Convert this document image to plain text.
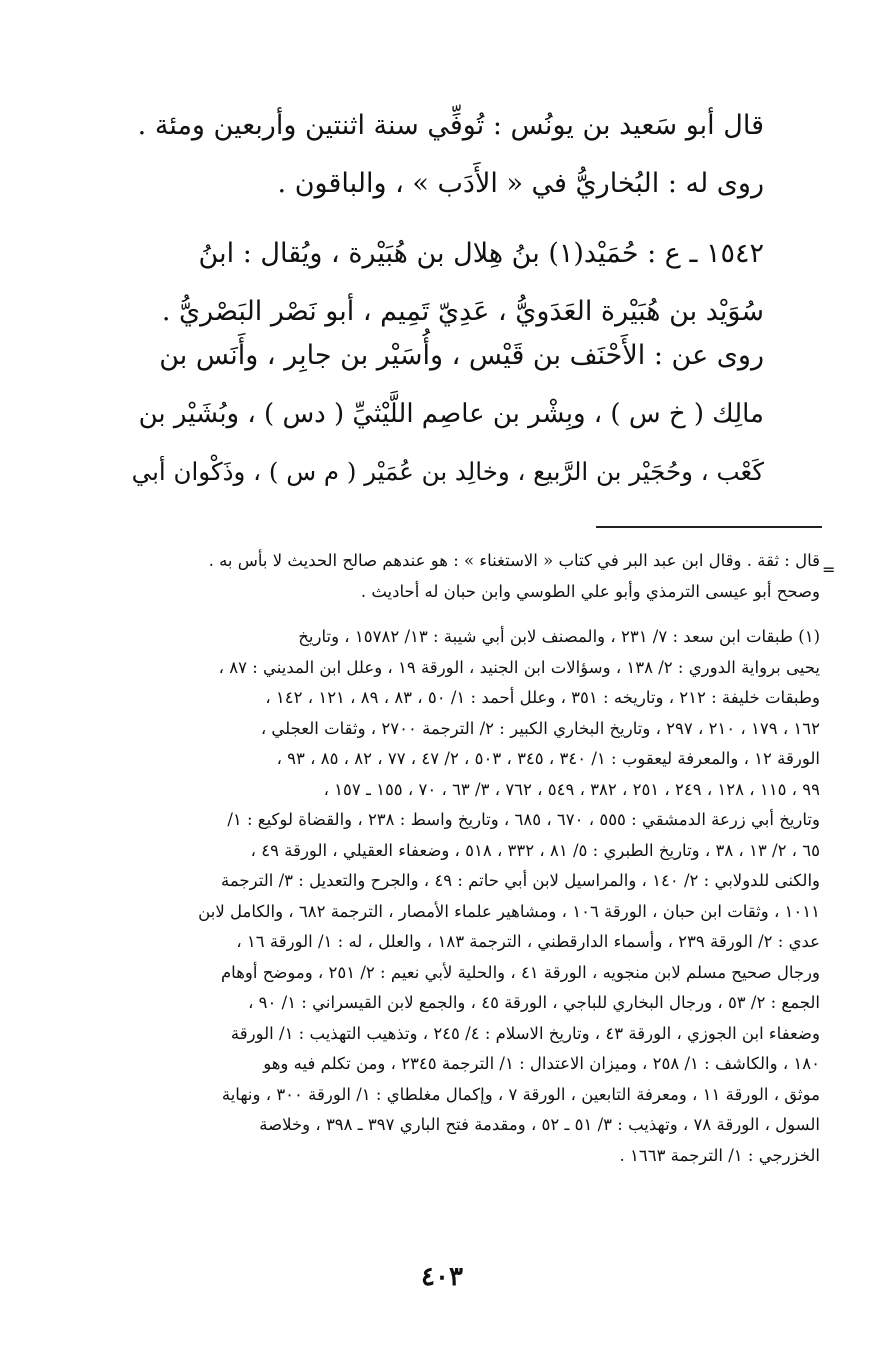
قال أبو سَعيد بن يونُس : تُوفِّي سنة اثنتين وأربعين ومئة .
روى له : البُخاريُّ في « الأَدَب » ، والباقون .
١٥٤٢ ـ ع : حُمَيْد(١) بنُ هِلال بن هُبَيْرة ، ويُقال : ابنُ
سُوَيْد بن هُبَيْرة العَدَويُّ ، عَدِيّ تَمِيم ، أبو نَصْر البَصْريُّ .
روى عن : الأَحْنَف بن قَيْس ، وأُسَيْر بن جابِر ، وأَنَس بن
مالِك ( خ س ) ، وبِشْر بن عاصِم اللَّيْثيِّ ( دس ) ، وبُشَيْر بن
كَعْب ، وحُجَيْر بن الرَّبيع ، وخالِد بن عُمَيْر ( م س ) ، وذَكْوان أبي
=
قال : ثقة . وقال ابن عبد البر في كتاب « الاستغناء » : هو عندهم صالح الحديث لا بأس به .
وصحح أبو عيسى الترمذي وأبو علي الطوسي وابن حبان له أحاديث .
(١) طبقات ابن سعد : ٧/ ٢٣١ ، والمصنف لابن أبي شيبة : ١٣/ ١٥٧٨٢ ، وتاريخ
يحيى برواية الدوري : ٢/ ١٣٨ ، وسؤالات ابن الجنيد ، الورقة ١٩ ، وعلل ابن المديني : ٨٧ ،
وطبقات خليفة : ٢١٢ ، وتاريخه : ٣٥١ ، وعلل أحمد : ١/ ٥٠ ، ٨٣ ، ٨٩ ، ١٢١ ، ١٤٢ ،
١٦٢ ، ١٧٩ ، ٢١٠ ، ٢٩٧ ، وتاريخ البخاري الكبير : ٢/ الترجمة ٢٧٠٠ ، وثقات العجلي ،
الورقة ١٢ ، والمعرفة ليعقوب : ١/ ٣٤٠ ، ٣٤٥ ، ٥٠٣ ، ٢/ ٤٧ ، ٧٧ ، ٨٢ ، ٨٥ ، ٩٣ ،
٩٩ ، ١١٥ ، ١٢٨ ، ٢٤٩ ، ٢٥١ ، ٣٨٢ ، ٥٤٩ ، ٧٦٢ ، ٣/ ٦٣ ، ٧٠ ، ١٥٥ ـ ١٥٧ ،
وتاريخ أبي زرعة الدمشقي : ٥٥٥ ، ٦٧٠ ، ٦٨٥ ، وتاريخ واسط : ٢٣٨ ، والقضاة لوكيع : ١/
٦٥ ، ٢/ ١٣ ، ٣٨ ، وتاريخ الطبري : ٥/ ٨١ ، ٣٣٢ ، ٥١٨ ، وضعفاء العقيلي ، الورقة ٤٩ ،
والكنى للدولابي : ٢/ ١٤٠ ، والمراسيل لابن أبي حاتم : ٤٩ ، والجرح والتعديل : ٣/ الترجمة
١٠١١ ، وثقات ابن حبان ، الورقة ١٠٦ ، ومشاهير علماء الأمصار ، الترجمة ٦٨٢ ، والكامل لابن
عدي : ٢/ الورقة ٢٣٩ ، وأسماء الدارقطني ، الترجمة ١٨٣ ، والعلل ، له : ١/ الورقة ١٦ ،
ورجال صحيح مسلم لابن منجويه ، الورقة ٤١ ، والحلية لأبي نعيم : ٢/ ٢٥١ ، وموضح أوهام
الجمع : ٢/ ٥٣ ، ورجال البخاري للباجي ، الورقة ٤٥ ، والجمع لابن القيسراني : ١/ ٩٠ ،
وضعفاء ابن الجوزي ، الورقة ٤٣ ، وتاريخ الاسلام : ٤/ ٢٤٥ ، وتذهيب التهذيب : ١/ الورقة
١٨٠ ، والكاشف : ١/ ٢٥٨ ، وميزان الاعتدال : ١/ الترجمة ٢٣٤٥ ، ومن تكلم فيه وهو
موثق ، الورقة ١١ ، ومعرفة التابعين ، الورقة ٧ ، وإكمال مغلطاي : ١/ الورقة ٣٠٠ ، ونهاية
السول ، الورقة ٧٨ ، وتهذيب : ٣/ ٥١ ـ ٥٢ ، ومقدمة فتح الباري ٣٩٧ ـ ٣٩٨ ، وخلاصة
الخزرجي : ١/ الترجمة ١٦٦٣ .
٤٠٣
